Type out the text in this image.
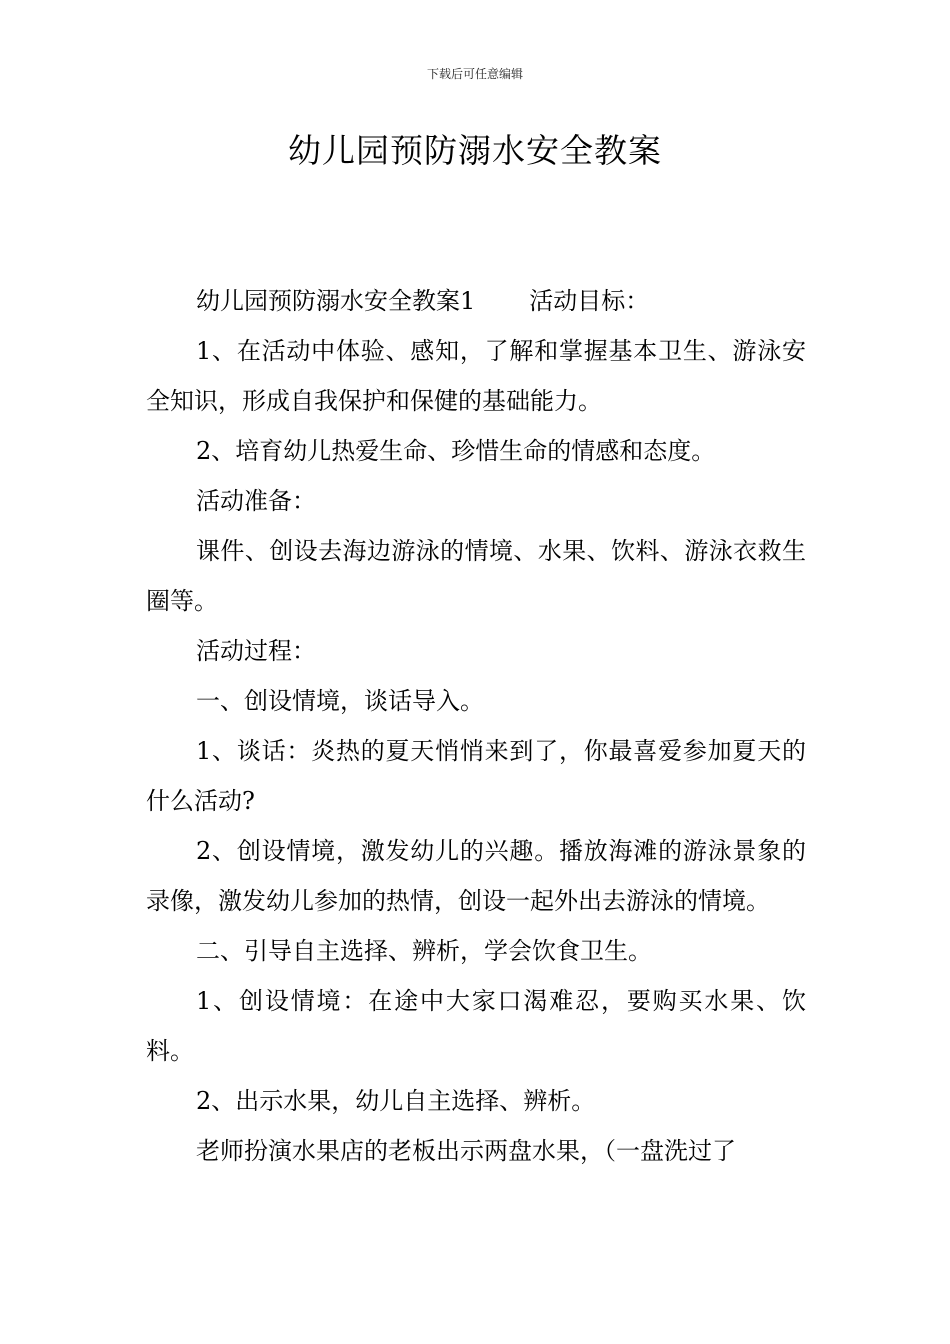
下载后可任意编辑
幼儿园预防溺水安全教案

幼儿园预防溺水安全教案1 活动目标：

1、在活动中体验、感知，了解和掌握基本卫生、游泳安全知识，形成自我保护和保健的基础能力。

2、培育幼儿热爱生命、珍惜生命的情感和态度。

活动准备：

课件、创设去海边游泳的情境、水果、饮料、游泳衣救生圈等。

活动过程：

一、创设情境，谈话导入。

1、谈话：炎热的夏天悄悄来到了，你最喜爱参加夏天的什么活动?

2、创设情境，激发幼儿的兴趣。播放海滩的游泳景象的录像，激发幼儿参加的热情，创设一起外出去游泳的情境。

二、引导自主选择、辨析，学会饮食卫生。

1、创设情境：在途中大家口渴难忍，要购买水果、饮料。

2、出示水果，幼儿自主选择、辨析。

老师扮演水果店的老板出示两盘水果，（一盘洗过了
